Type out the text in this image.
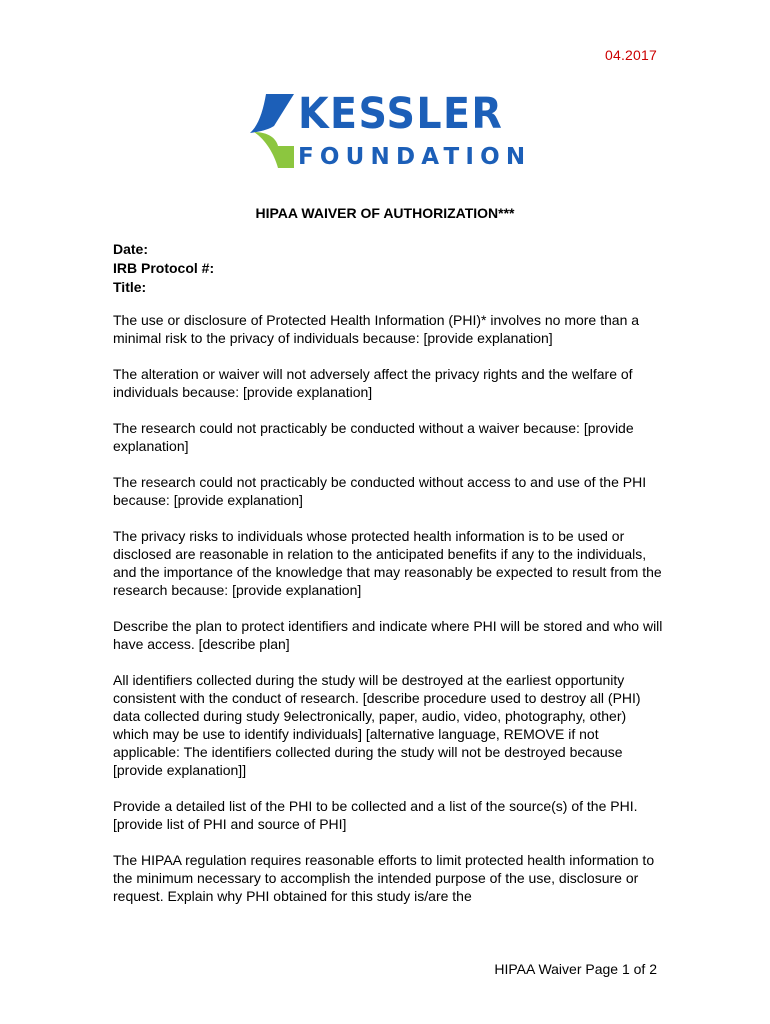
04.2017
KESSLER
FOUNDATION
HIPAA WAIVER OF AUTHORIZATION***
Date:
IRB Protocol #:
Title:

The use or disclosure of Protected Health Information (PHI)* involves no more than a minimal risk to the privacy of individuals because: [provide explanation]

The alteration or waiver will not adversely affect the privacy rights and the welfare of individuals because: [provide explanation]

The research could not practicably be conducted without a waiver because: [provide explanation]

The research could not practicably be conducted without access to and use of the PHI because: [provide explanation]

The privacy risks to individuals whose protected health information is to be used or disclosed are reasonable in relation to the anticipated benefits if any to the individuals, and the importance of the knowledge that may reasonably be expected to result from the research because: [provide explanation]

Describe the plan to protect identifiers and indicate where PHI will be stored and who will have access. [describe plan]

All identifiers collected during the study will be destroyed at the earliest opportunity consistent with the conduct of research. [describe procedure used to destroy all (PHI) data collected during study 9electronically, paper, audio, video, photography, other) which may be use to identify individuals] [alternative language, REMOVE if not applicable: The identifiers collected during the study will not be destroyed because [provide explanation]]

Provide a detailed list of the PHI to be collected and a list of the source(s) of the PHI. [provide list of PHI and source of PHI]

The HIPAA regulation requires reasonable efforts to limit protected health information to the minimum necessary to accomplish the intended purpose of the use, disclosure or request. Explain why PHI obtained for this study is/are the

HIPAA Waiver Page 1 of 2
